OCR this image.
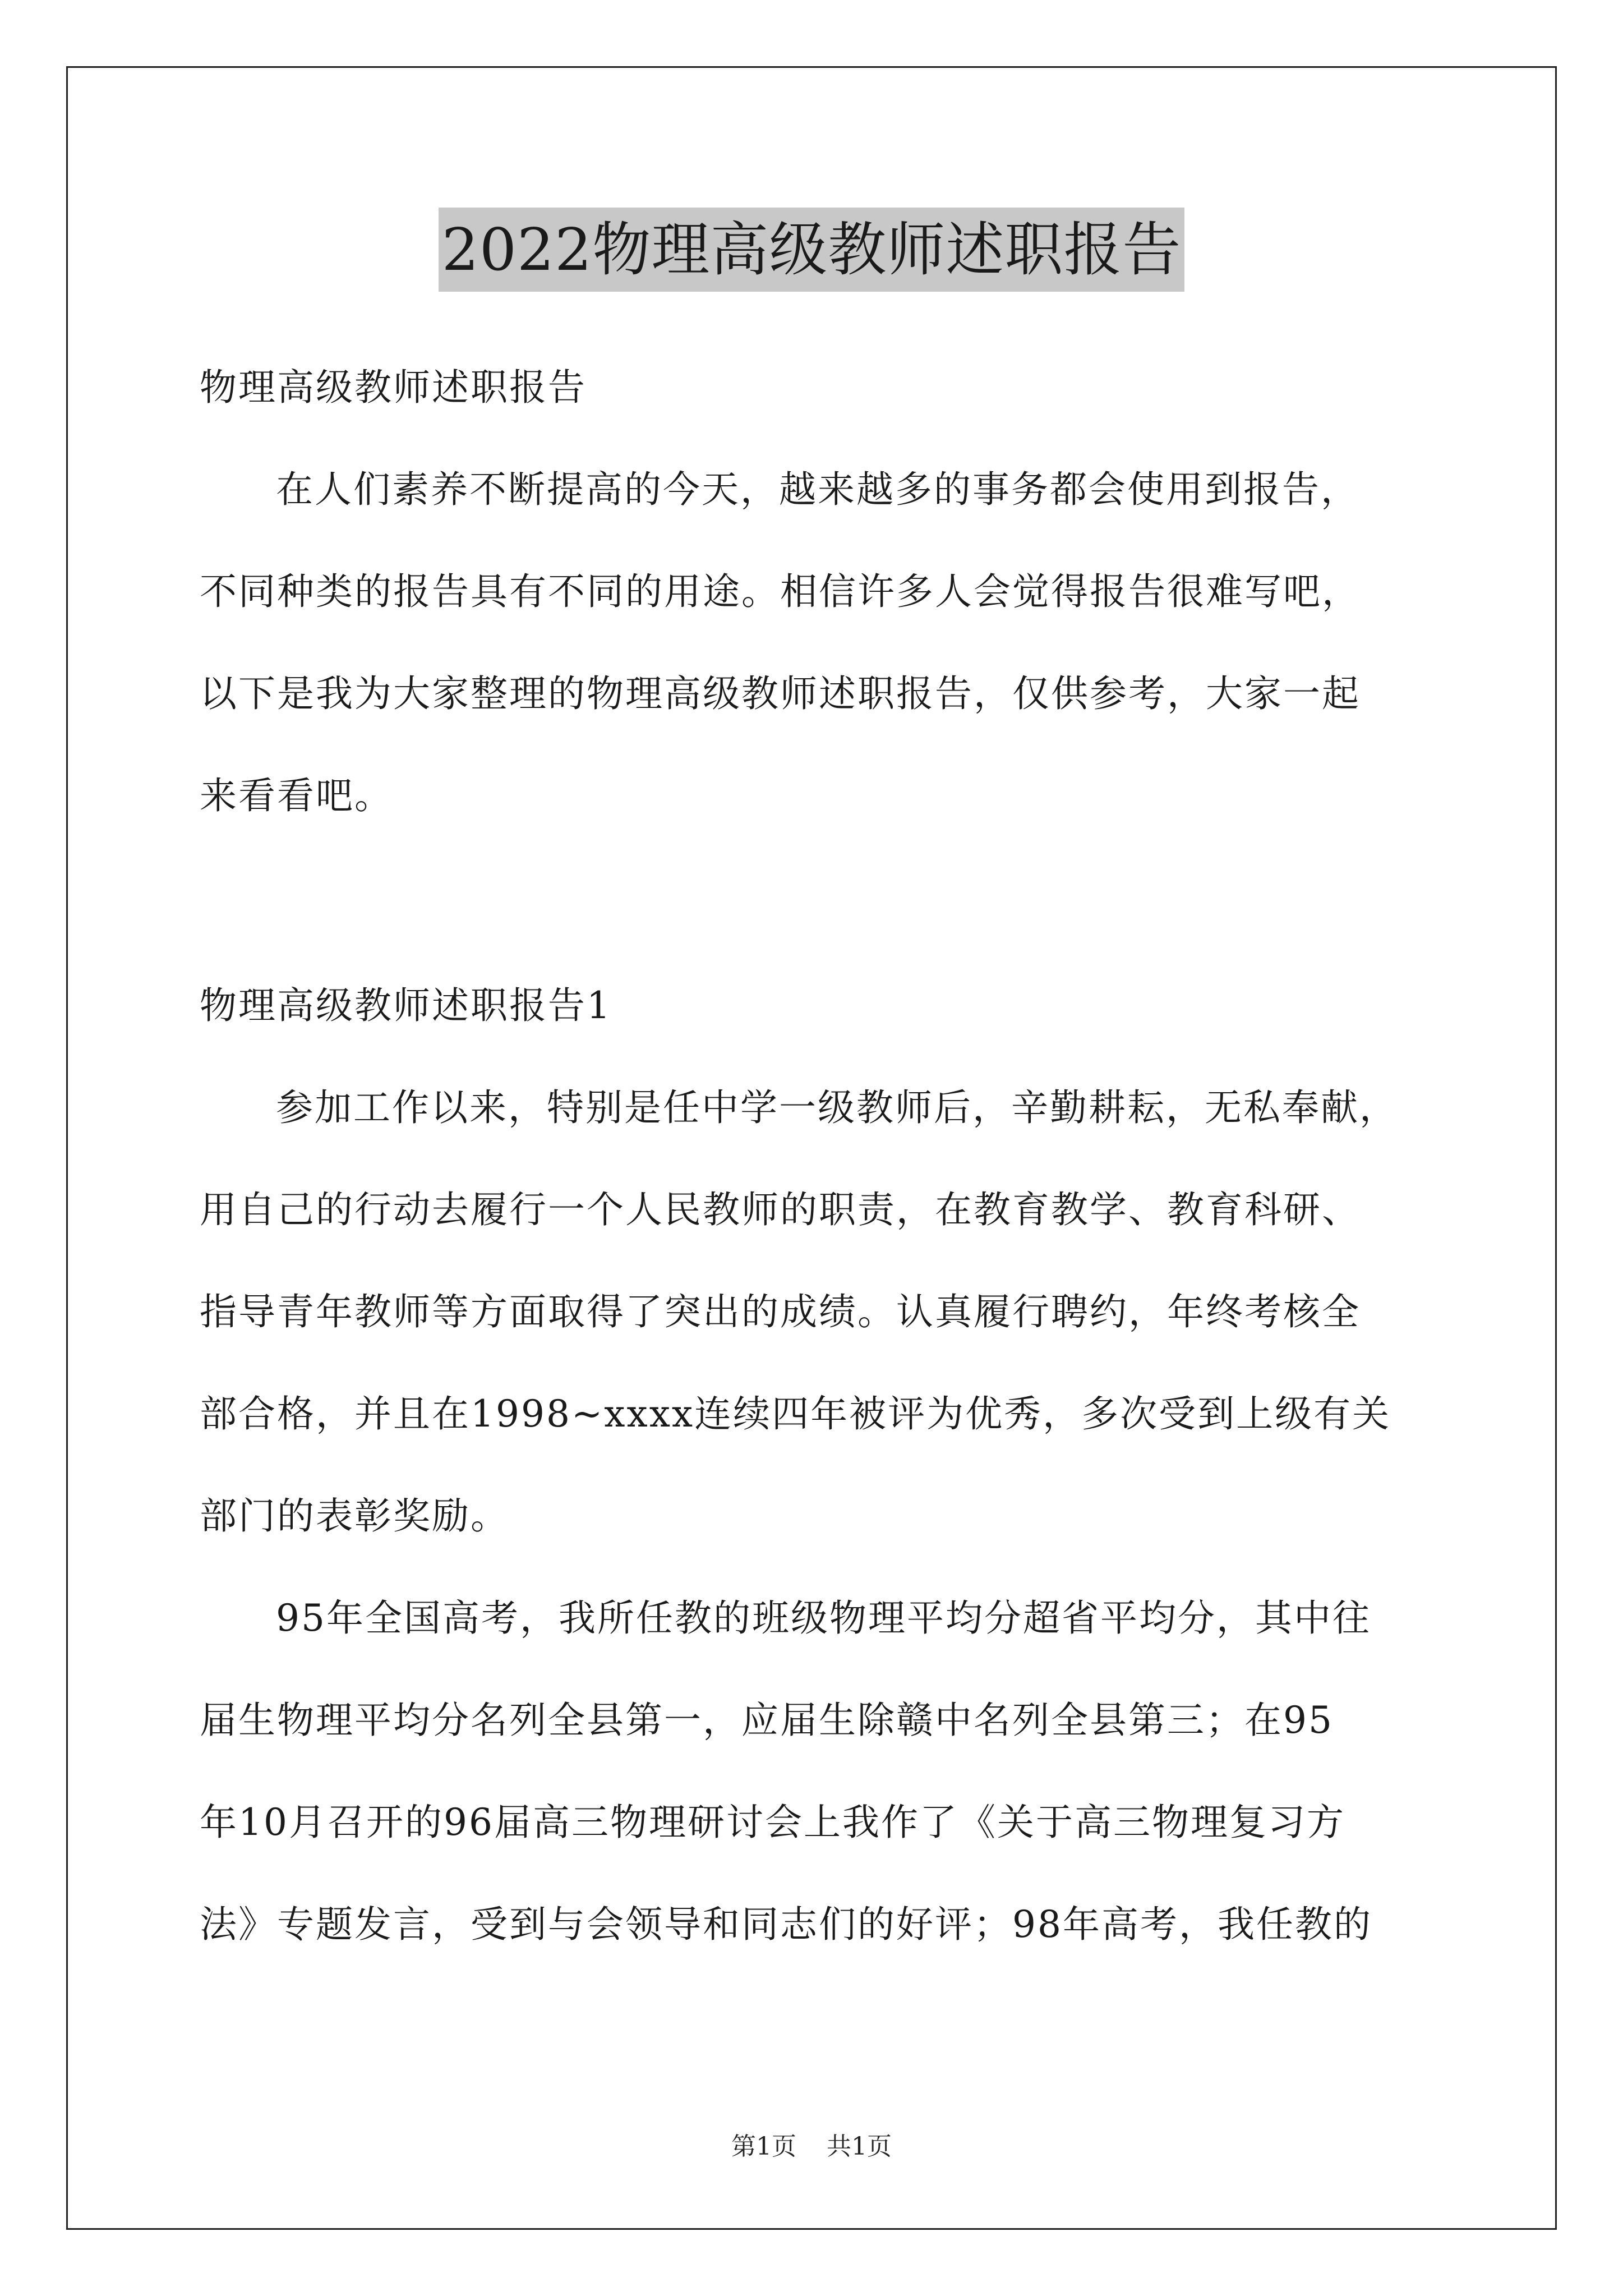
2022物理高级教师述职报告
物理高级教师述职报告
在人们素养不断提高的今天，越来越多的事务都会使用到报告，
不同种类的报告具有不同的用途。相信许多人会觉得报告很难写吧，
以下是我为大家整理的物理高级教师述职报告，仅供参考，大家一起
来看看吧。
物理高级教师述职报告1
参加工作以来，特别是任中学一级教师后，辛勤耕耘，无私奉献，
用自己的行动去履行一个人民教师的职责，在教育教学、教育科研、
指导青年教师等方面取得了突出的成绩。认真履行聘约，年终考核全
部合格，并且在1998~xxxx连续四年被评为优秀，多次受到上级有关
部门的表彰奖励。
95年全国高考，我所任教的班级物理平均分超省平均分，其中往
届生物理平均分名列全县第一，应届生除赣中名列全县第三；在95
年10月召开的96届高三物理研讨会上我作了《关于高三物理复习方
法》专题发言，受到与会领导和同志们的好评；98年高考，我任教的
第1页 共1页
